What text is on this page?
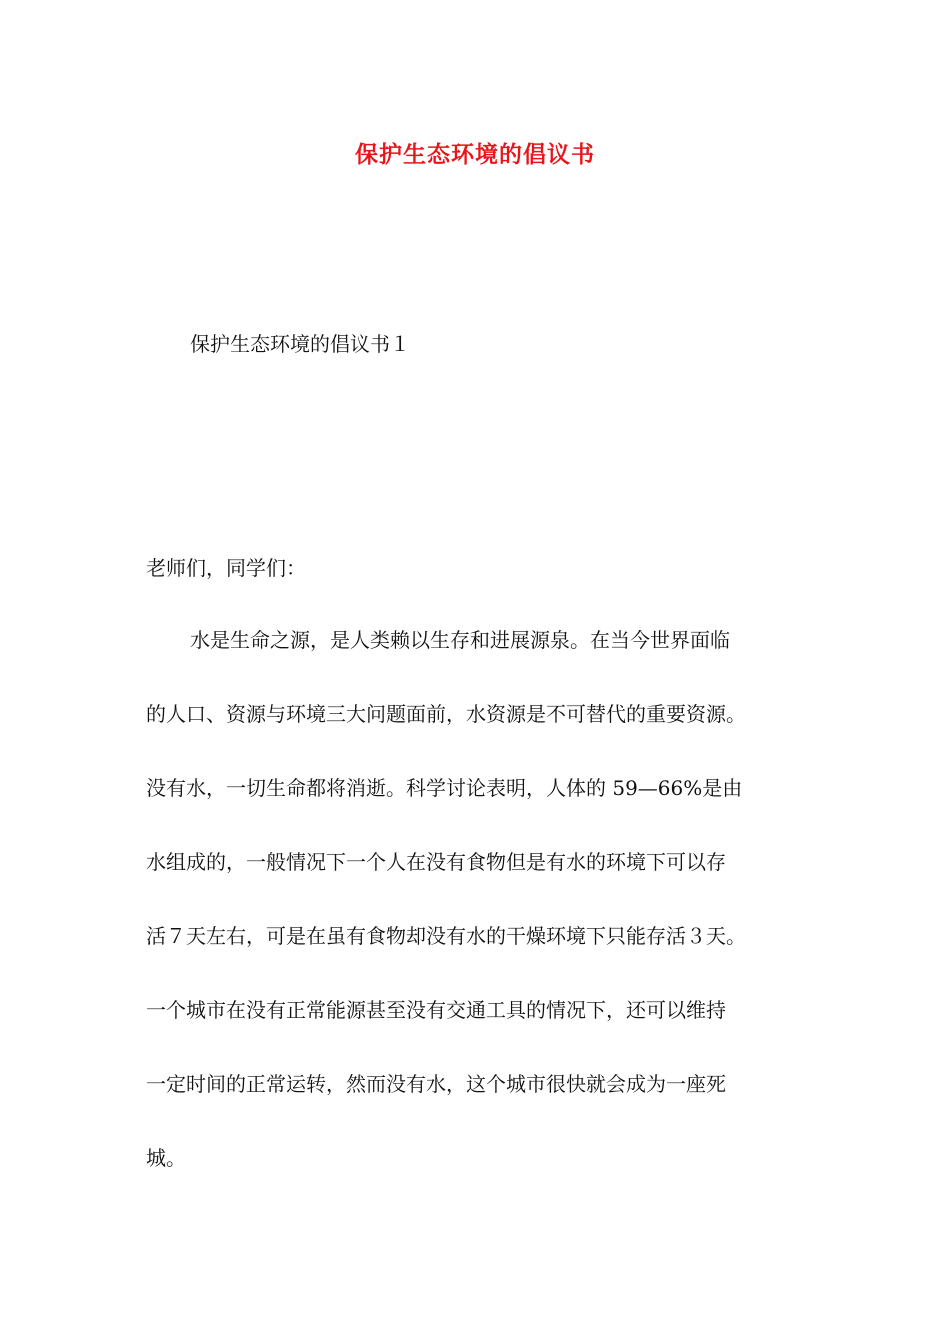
保护生态环境的倡议书

保护生态环境的倡议书１

老师们，同学们：

水是生命之源，是人类赖以生存和进展源泉。在当今世界面临
的人口、资源与环境三大问题面前，水资源是不可替代的重要资源。
没有水，一切生命都将消逝。科学讨论表明，人体的 59—66%是由
水组成的，一般情况下一个人在没有食物但是有水的环境下可以存
活７天左右，可是在虽有食物却没有水的干燥环境下只能存活３天。
一个城市在没有正常能源甚至没有交通工具的情况下，还可以维持
一定时间的正常运转，然而没有水，这个城市很快就会成为一座死
城。
